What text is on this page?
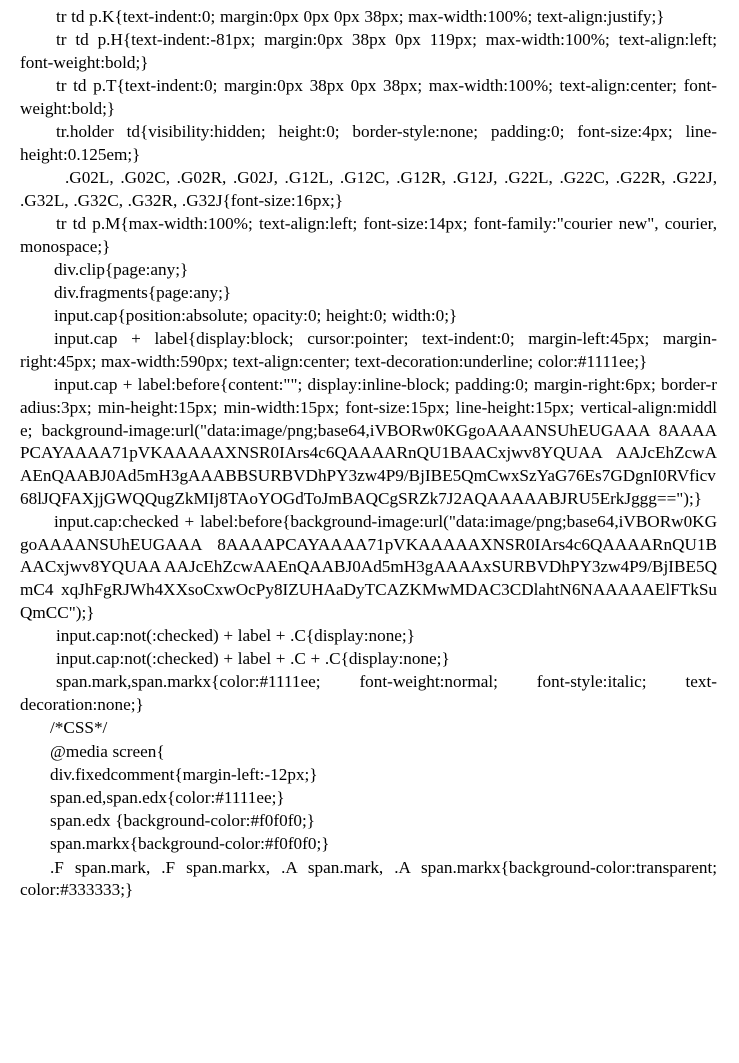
tr td p.K{text-indent:0; margin:0px 0px 0px 38px; max-width:100%; text-align:justify;}

tr td p.H{text-indent:-81px; margin:0px 38px 0px 119px; max-width:100%; text-align:left; font-weight:bold;}

tr td p.T{text-indent:0; margin:0px 38px 0px 38px; max-width:100%; text-align:center; font-weight:bold;}

tr.holder td{visibility:hidden; height:0; border-style:none; padding:0; font-size:4px; line-height:0.125em;}

.G02L, .G02C, .G02R, .G02J, .G12L, .G12C, .G12R, .G12J, .G22L, .G22C, .G22R, .G22J, .G32L, .G32C, .G32R, .G32J{font-size:16px;}

tr td p.M{max-width:100%; text-align:left; font-size:14px; font-family:"courier new", courier, monospace;}

div.clip{page:any;}

div.fragments{page:any;}

input.cap{position:absolute; opacity:0; height:0; width:0;}

input.cap + label{display:block; cursor:pointer; text-indent:0; margin-left:45px; margin-right:45px; max-width:590px; text-align:center; text-decoration:underline; color:#1111ee;}

input.cap + label:before{content:""; display:inline-block; padding:0; margin-right:6px; border-radius:3px; min-height:15px; min-width:15px; font-size:15px; line-height:15px; vertical-align:middle; background-image:url("data:image/png;base64,iVBORw0KGgoAAAANSUhEUGAAA 8AAAAPCAYAAAA71pVKAAAAAXNSR0IArs4c6QAAAARnQU1BAACxjwv8YQUAA AAJcEhZcwAAEnQAABJ0Ad5mH3gAAABBSURBVDhPY3zw4P9/BjIBE5QmCwxSzYaG76Es7GDgnI0RVficv68lJQFAXjjGWQQugZkMIj8TAoYOGdToJmBAQCgSRZk7J2AQAAAAABJRU5ErkJggg==");}

input.cap:checked + label:before{background-image:url("data:image/png;base64,iVBORw0KGgoAAAANSUhEUGAAA 8AAAAPCAYAAAA71pVKAAAAAXNSR0IArs4c6QAAAARnQU1BAACxjwv8YQUAA AAJcEhZcwAAEnQAABJ0Ad5mH3gAAAAxSURBVDhPY3zw4P9/BjIBE5QmC4 xqJhFgRJWh4XXsoCxwOcPy8IZUHAaDyTCAZKMwMDAC3CDlahtN6NAAAAAElFTkSuQmCC");}

input.cap:not(:checked) + label + .C{display:none;}

input.cap:not(:checked) + label + .C + .C{display:none;}

span.mark,span.markx{color:#1111ee; font-weight:normal; font-style:italic; text-decoration:none;}

/*CSS*/

@media screen{

div.fixedcomment{margin-left:-12px;}

span.ed,span.edx{color:#1111ee;}

span.edx {background-color:#f0f0f0;}

span.markx{background-color:#f0f0f0;}

.F span.mark, .F span.markx, .A span.mark, .A span.markx{background-color:transparent; color:#333333;}
